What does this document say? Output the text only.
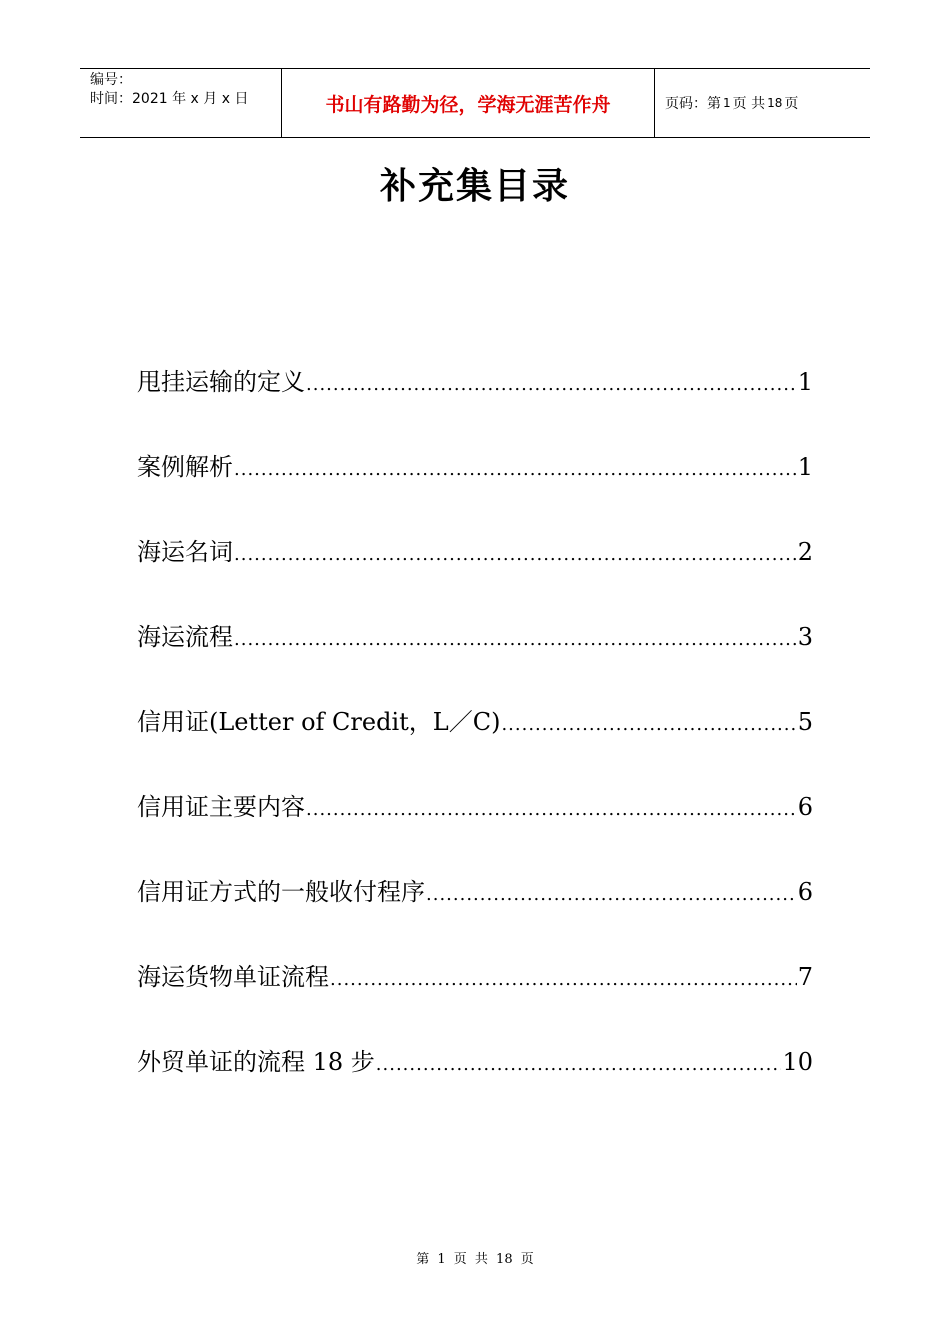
编号：
时间：2021 年 x 月 x 日	书山有路勤为径，学海无涯苦作舟	页码：第 1 页 共 18 页
补充集目录
甩挂运输的定义 .....	1
案例解析 .....	1
海运名词 .....	2
海运流程 .....	3
信用证(Letter of Credit，L／C) .....	5
信用证主要内容 .....	6
信用证方式的一般收付程序 .....	6
海运货物单证流程 .....	7
外贸单证的流程 18 步 .....	10
第 1 页 共 18 页
